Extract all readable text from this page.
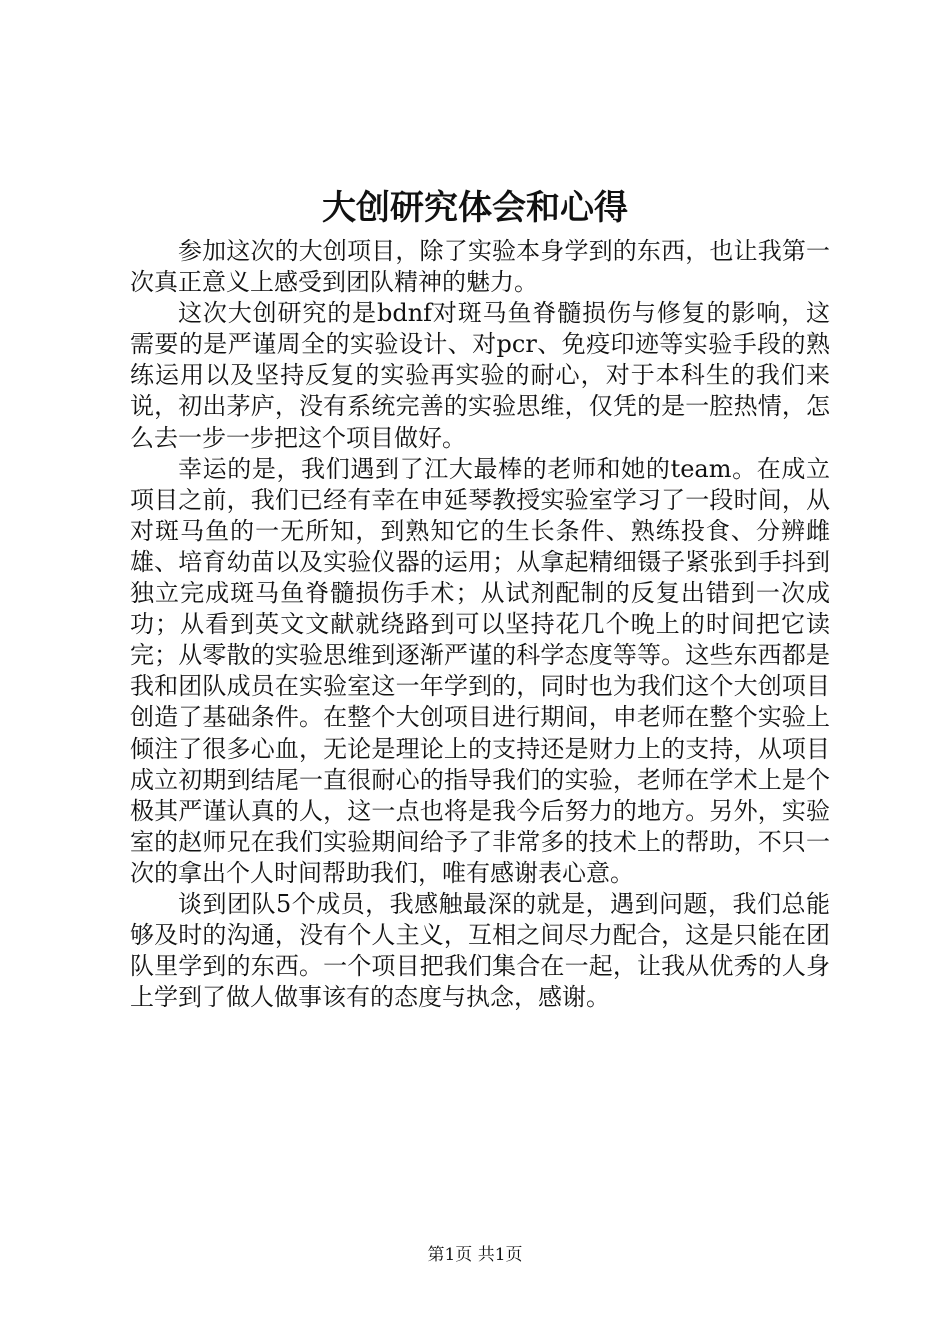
大创研究体会和心得

参加这次的大创项目，除了实验本身学到的东西，也让我第一次真正意义上感受到团队精神的魅力。

这次大创研究的是bdnf对斑马鱼脊髓损伤与修复的影响，这需要的是严谨周全的实验设计、对pcr、免疫印迹等实验手段的熟练运用以及坚持反复的实验再实验的耐心，对于本科生的我们来说，初出茅庐，没有系统完善的实验思维，仅凭的是一腔热情，怎么去一步一步把这个项目做好。

幸运的是，我们遇到了江大最棒的老师和她的team。在成立项目之前，我们已经有幸在申延琴教授实验室学习了一段时间，从对斑马鱼的一无所知，到熟知它的生长条件、熟练投食、分辨雌雄、培育幼苗以及实验仪器的运用；从拿起精细镊子紧张到手抖到独立完成斑马鱼脊髓损伤手术；从试剂配制的反复出错到一次成功；从看到英文文献就绕路到可以坚持花几个晚上的时间把它读完；从零散的实验思维到逐渐严谨的科学态度等等。这些东西都是我和团队成员在实验室这一年学到的，同时也为我们这个大创项目创造了基础条件。在整个大创项目进行期间，申老师在整个实验上倾注了很多心血，无论是理论上的支持还是财力上的支持，从项目成立初期到结尾一直很耐心的指导我们的实验，老师在学术上是个极其严谨认真的人，这一点也将是我今后努力的地方。另外，实验室的赵师兄在我们实验期间给予了非常多的技术上的帮助，不只一次的拿出个人时间帮助我们，唯有感谢表心意。

谈到团队5个成员，我感触最深的就是，遇到问题，我们总能够及时的沟通，没有个人主义，互相之间尽力配合，这是只能在团队里学到的东西。一个项目把我们集合在一起，让我从优秀的人身上学到了做人做事该有的态度与执念，感谢。

第1页 共1页
